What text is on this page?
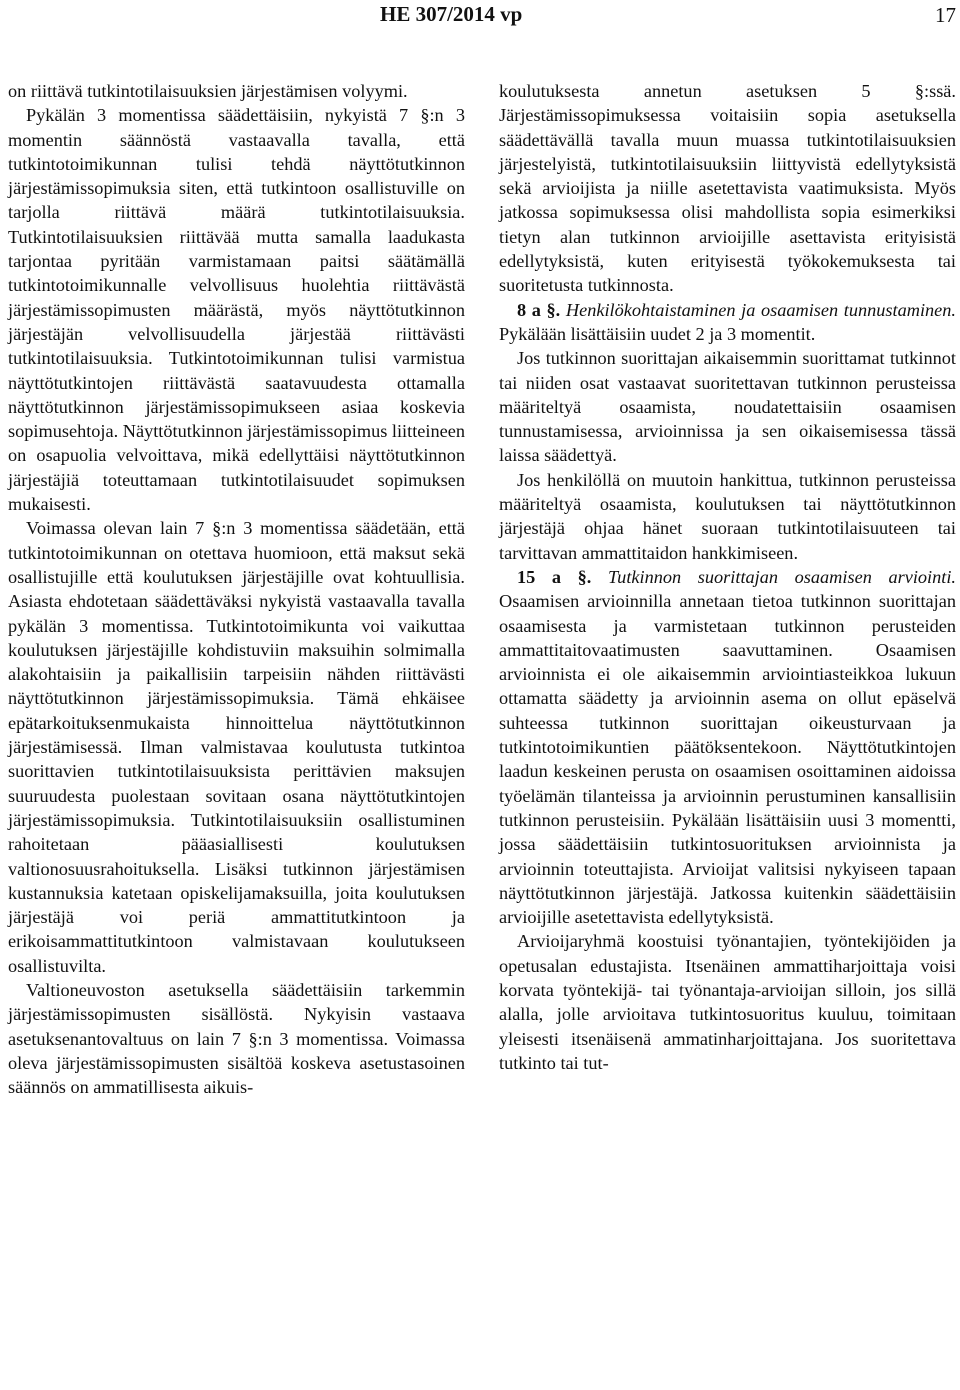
HE 307/2014 vp	17

on riittävä tutkintotilaisuuksien järjestämisen volyymi.

Pykälän 3 momentissa säädettäisiin, nykyistä 7 §:n 3 momentin säännöstä vastaavalla tavalla, että tutkintotoimikunnan tulisi tehdä näyttötutkinnon järjestämissopimuksia siten, että tutkintoon osallistuville on tarjolla riittävä määrä tutkintotilaisuuksia. Tutkintotilaisuuksien riittävää mutta samalla laadukasta tarjontaa pyritään varmistamaan paitsi säätämällä tutkintotoimikunnalle velvollisuus huolehtia riittävästä järjestämissopimusten määrästä, myös näyttötutkinnon järjestäjän velvollisuudella järjestää riittävästi tutkintotilaisuuksia. Tutkintotoimikunnan tulisi varmistua näyttötutkintojen riittävästä saatavuudesta ottamalla näyttötutkinnon järjestämissopimukseen asiaa koskevia sopimusehtoja. Näyttötutkinnon järjestämissopimus liitteineen on osapuolia velvoittava, mikä edellyttäisi näyttötutkinnon järjestäjiä toteuttamaan tutkintotilaisuudet sopimuksen mukaisesti.

Voimassa olevan lain 7 §:n 3 momentissa säädetään, että tutkintotoimikunnan on otettava huomioon, että maksut sekä osallistujille että koulutuksen järjestäjille ovat kohtuullisia. Asiasta ehdotetaan säädettäväksi nykyistä vastaavalla tavalla pykälän 3 momentissa. Tutkintotoimikunta voi vaikuttaa koulutuksen järjestäjille kohdistuviin maksuihin solmimalla alakohtaisiin ja paikallisiin tarpeisiin nähden riittävästi näyttötutkinnon järjestämissopimuksia. Tämä ehkäisee epätarkoituksenmukaista hinnoittelua näyttötutkinnon järjestämisessä. Ilman valmistavaa koulutusta tutkintoa suorittavien tutkintotilaisuuksista perittävien maksujen suuruudesta puolestaan sovitaan osana näyttötutkintojen järjestämissopimuksia. Tutkintotilaisuuksiin osallistuminen rahoitetaan pääasiallisesti koulutuksen valtionosuusrahoituksella. Lisäksi tutkinnon järjestämisen kustannuksia katetaan opiskelijamaksuilla, joita koulutuksen järjestäjä voi periä ammattitutkintoon ja erikoisammattitutkintoon valmistavaan koulutukseen osallistuvilta.

Valtioneuvoston asetuksella säädettäisiin tarkemmin järjestämissopimusten sisällöstä. Nykyisin vastaava asetuksenantovaltuus on lain 7 §:n 3 momentissa. Voimassa oleva järjestämissopimusten sisältöä koskeva asetustasoinen säännös on ammatillisesta aikuis-

koulutuksesta annetun asetuksen 5 §:ssä. Järjestämissopimuksessa voitaisiin sopia asetuksella säädettävällä tavalla muun muassa tutkintotilaisuuksien järjestelyistä, tutkintotilaisuuksiin liittyvistä edellytyksistä sekä arvioijista ja niille asetettavista vaatimuksista. Myös jatkossa sopimuksessa olisi mahdollista sopia esimerkiksi tietyn alan tutkinnon arvioijille asettavista erityisistä edellytyksistä, kuten erityisestä työkokemuksesta tai suoritetusta tutkinnosta.

8 a §. Henkilökohtaistaminen ja osaamisen tunnustaminen. Pykälään lisättäisiin uudet 2 ja 3 momentit.

Jos tutkinnon suorittajan aikaisemmin suorittamat tutkinnot tai niiden osat vastaavat suoritettavan tutkinnon perusteissa määriteltyä osaamista, noudatettaisiin osaamisen tunnustamisessa, arvioinnissa ja sen oikaisemisessa tässä laissa säädettyä.

Jos henkilöllä on muutoin hankittua, tutkinnon perusteissa määriteltyä osaamista, koulutuksen tai näyttötutkinnon järjestäjä ohjaa hänet suoraan tutkintotilaisuuteen tai tarvittavan ammattitaidon hankkimiseen.

15 a §. Tutkinnon suorittajan osaamisen arviointi. Osaamisen arvioinnilla annetaan tietoa tutkinnon suorittajan osaamisesta ja varmistetaan tutkinnon perusteiden ammattitaitovaatimusten saavuttaminen. Osaamisen arvioinnista ei ole aikaisemmin arviointiasteikkoa lukuun ottamatta säädetty ja arvioinnin asema on ollut epäselvä suhteessa tutkinnon suorittajan oikeusturvaan ja tutkintotoimikuntien päätöksentekoon. Näyttötutkintojen laadun keskeinen perusta on osaamisen osoittaminen aidoissa työelämän tilanteissa ja arvioinnin perustuminen kansallisiin tutkinnon perusteisiin. Pykälään lisättäisiin uusi 3 momentti, jossa säädettäisiin tutkintosuorituksen arvioinnista ja arvioinnin toteuttajista. Arvioijat valitsisi nykyiseen tapaan näyttötutkinnon järjestäjä. Jatkossa kuitenkin säädettäisiin arvioijille asetettavista edellytyksistä.

Arvioijaryhmä koostuisi työnantajien, työntekijöiden ja opetusalan edustajista. Itsenäinen ammattiharjoittaja voisi korvata työntekijä- tai työnantaja-arvioijan silloin, jos sillä alalla, jolle arvioitava tutkintosuoritus kuuluu, toimitaan yleisesti itsenäisenä ammatinharjoittajana. Jos suoritettava tutkinto tai tut-
